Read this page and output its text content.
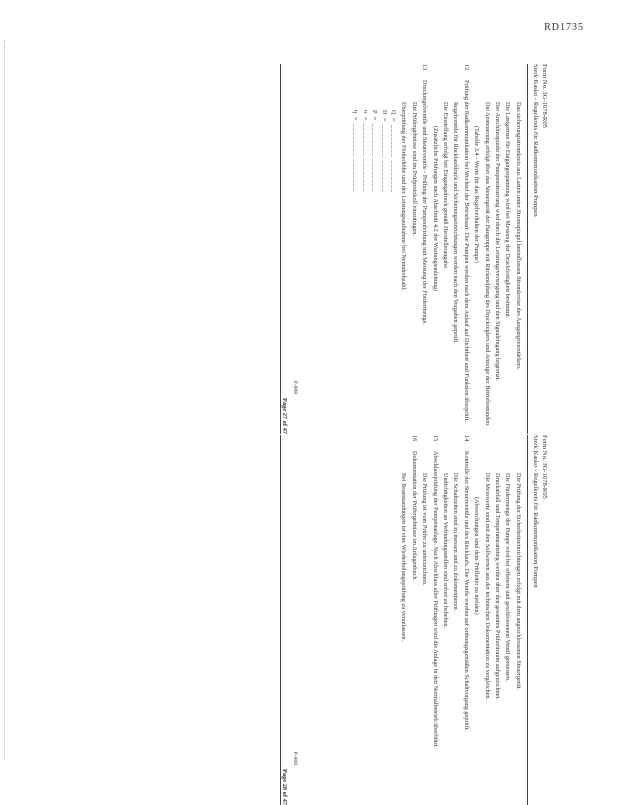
RD1735
Form No. 3G-1678-R05
Sterk Kasko - Regelkreis für Radkommunikation Pumpen
Das sicherungsstromkreis aus Lasten unter Stromspiegel beeinflussen Stromkreise des Ausgangsverstärkers.
Die Lastgrenze für Eingangsspannung wird bei Messung der Druckfestigkeit bestimmt.
Der Anschlusspunkt der Pumpensteuerung wird durch die Leistungsversorgung und den Signaleingang begrenzt.
Die Ansteuerung erfolgt über das Steuergerät der Baugruppe mit Rückmeldung des Druckreglers und Anzeige der Betriebsstunden.
(Tabelle 3.4 - Werte für das Regelverhalten der Pumpe)
12
Prüfung der Radkommunikation bei Wechsel der Betriebsart. Die Pumpen werden nach dem Anlauf auf Dichtheit und Funktion überprüft.
Regelventile für Rücklaufdruck und Sicherungseinrichtungen werden nach den Vorgaben geprüft.
Die Einstellung erfolgt bei Eingangsdruck gemäß Herstellerangabe.
(Zusätzliche Prüfungen nach Abschnitt 4.2 der Wartungsanleitung)
13
Druckregelventile und Steuerventile - Prüfung der Pumpenleistung mit Messung der Fördermenge.
Die Prüfergebnisse sind im Prüfprotokoll einzutragen.
Überprüfung der Förderhöhe und der Leistungsaufnahme bei Nenndrehzahl.
Q = ________ ________
H = ________ ________
P = ________ ________
n = ________ ________
η = ________ ________
P-008
Page 27 of 47
Form No. 3G-1678-R05
Sterk Kasko - Regelkreis für Radkommunikation Pumpen
Die Prüfung der Sicherheitseinrichtungen erfolgt mit dem angeschlossenen Steuergerät.
Die Fördermenge der Pumpe wird bei offenem und geschlossenem Ventil gemessen.
Druckabfall und Temperaturanstieg werden über den gesamten Prüfzeitraum aufgezeichnet.
Die Messwerte sind mit den Sollwerten aus der technischen Dokumentation zu vergleichen.
(Abweichungen sind dem Prüfleiter zu melden)
14
Kontrolle der Steuerventile und des Rücklaufs. Die Ventile werden auf ordnungsgemäßen Schaltvorgang geprüft.
Die Schaltzeiten sind zu messen und zu dokumentieren.
Undichtigkeiten an Verbindungsstellen sind sofort zu beheben.
15
Abschlussprüfung der Pumpenanlage. Nach Abschluss aller Prüfungen wird die Anlage in den Normalbetrieb überführt.
Die Prüfung ist vom Prüfer zu unterzeichnen.
16
Dokumentation der Prüfergebnisse im Anlagenbuch.
Bei Beanstandungen ist eine Wiederholungsprüfung zu veranlassen.
P-008
Page 28 of 47
